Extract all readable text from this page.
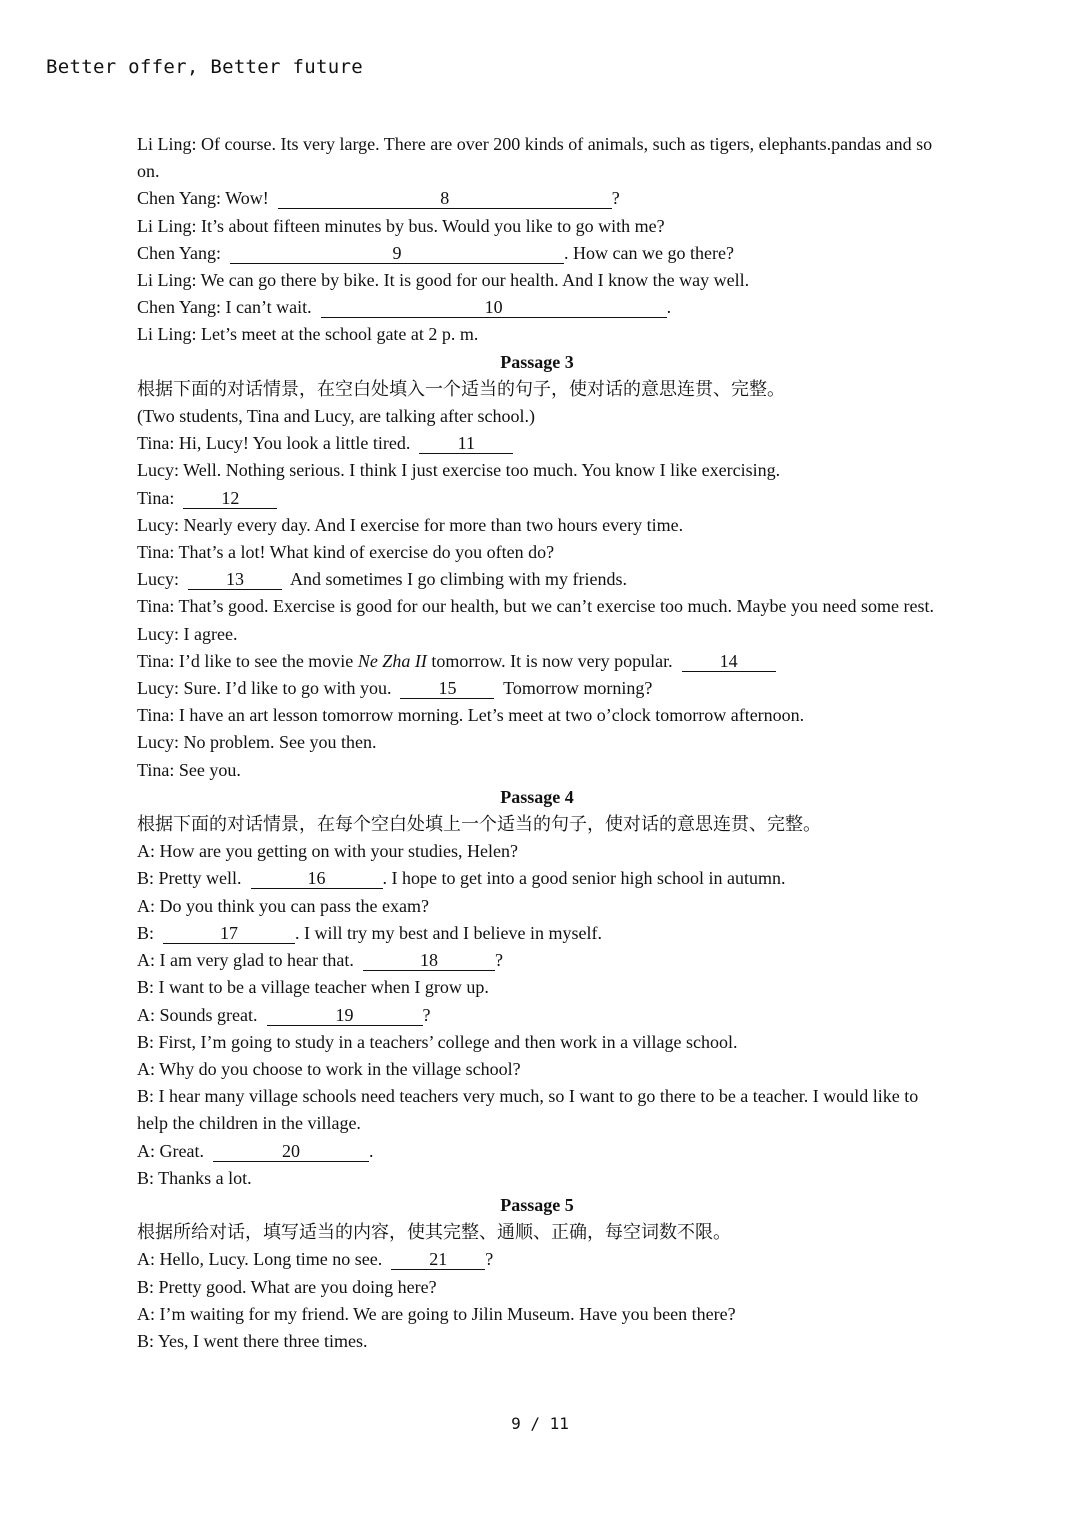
Better offer, Better future
Li Ling: Of course. Its very large. There are over 200 kinds of animals, such as tigers, elephants.pandas and so on.
Chen Yang: Wow!	8	?
Li Ling: It’s about fifteen minutes by bus. Would you like to go with me?
Chen Yang:	9	. How can we go there?
Li Ling: We can go there by bike. It is good for our health. And I know the way well.
Chen Yang: I can’t wait.	10	.
Li Ling: Let’s meet at the school gate at 2 p. m.
Passage 3
根据下面的对话情景，在空白处填入一个适当的句子，使对话的意思连贯、完整。
(Two students, Tina and Lucy, are talking after school.)
Tina: Hi, Lucy! You look a little tired.	11
Lucy: Well. Nothing serious. I think I just exercise too much. You know I like exercising.
Tina:	12
Lucy: Nearly every day. And I exercise for more than two hours every time.
Tina: That’s a lot! What kind of exercise do you often do?
Lucy:	13	And sometimes I go climbing with my friends.
Tina: That’s good. Exercise is good for our health, but we can’t exercise too much. Maybe you need some rest.
Lucy: I agree.
Tina: I’d like to see the movie Ne Zha II tomorrow. It is now very popular.	14
Lucy: Sure. I’d like to go with you.	15	Tomorrow morning?
Tina: I have an art lesson tomorrow morning. Let’s meet at two o’clock tomorrow afternoon.
Lucy: No problem. See you then.
Tina: See you.
Passage 4
根据下面的对话情景，在每个空白处填上一个适当的句子，使对话的意思连贯、完整。
A: How are you getting on with your studies, Helen?
B: Pretty well.	16	. I hope to get into a good senior high school in autumn.
A: Do you think you can pass the exam?
B:	17	. I will try my best and I believe in myself.
A: I am very glad to hear that.	18	?
B: I want to be a village teacher when I grow up.
A: Sounds great.	19	?
B: First, I’m going to study in a teachers’ college and then work in a village school.
A: Why do you choose to work in the village school?
B: I hear many village schools need teachers very much, so I want to go there to be a teacher. I would like to help the children in the village.
A: Great.	20	.
B: Thanks a lot.
Passage 5
根据所给对话，填写适当的内容，使其完整、通顺、正确，每空词数不限。
A: Hello, Lucy. Long time no see.	21 ?
B: Pretty good. What are you doing here?
A: I’m waiting for my friend. We are going to Jilin Museum. Have you been there?
B: Yes, I went there three times.
9 / 11
